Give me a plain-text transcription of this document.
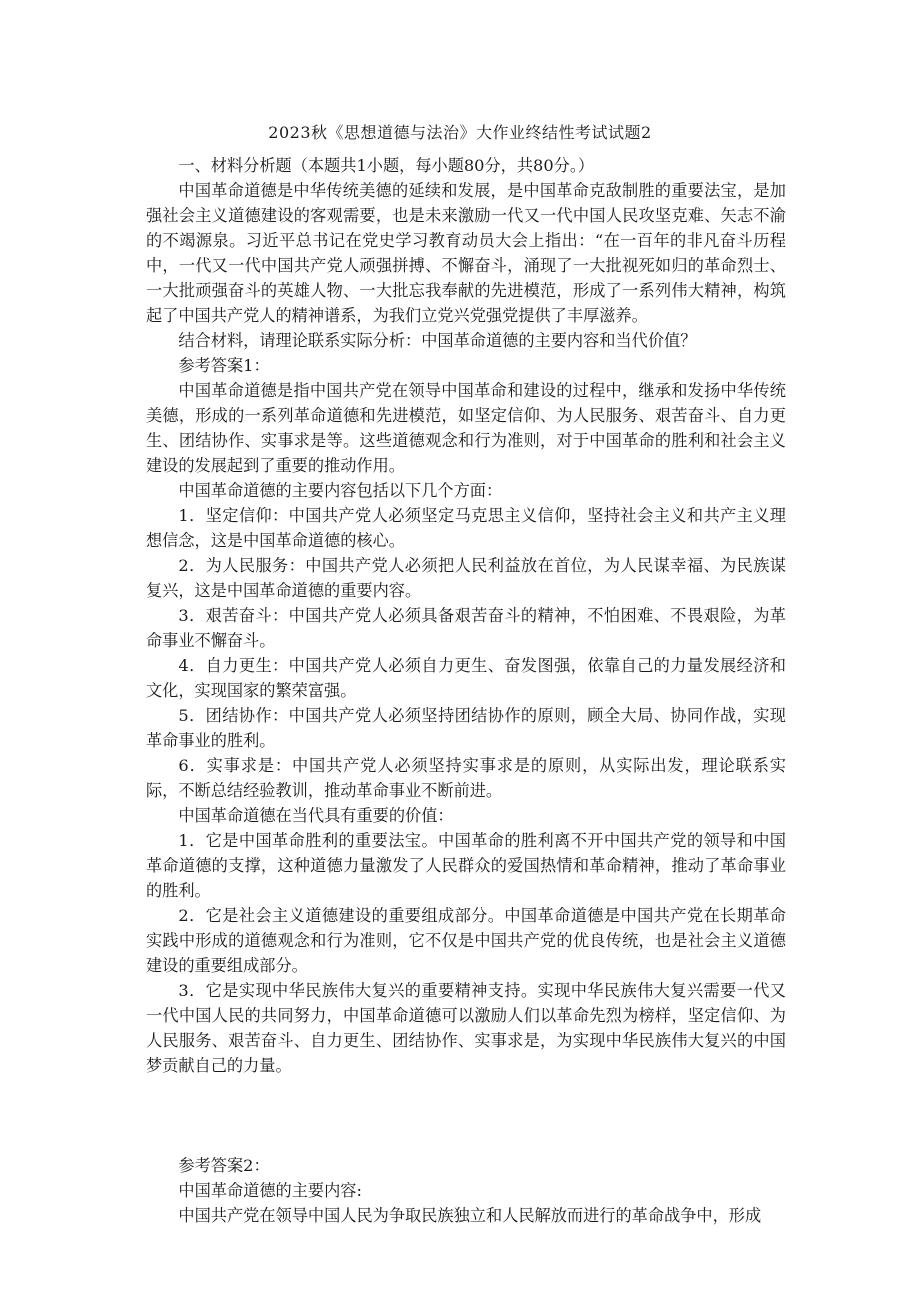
2023秋《思想道德与法治》大作业终结性考试试题2

一、材料分析题（本题共1小题，每小题80分，共80分。）

中国革命道德是中华传统美德的延续和发展，是中国革命克敌制胜的重要法宝，是加强社会主义道德建设的客观需要，也是未来激励一代又一代中国人民攻坚克难、矢志不渝的不竭源泉。习近平总书记在党史学习教育动员大会上指出：“在一百年的非凡奋斗历程中，一代又一代中国共产党人顽强拼搏、不懈奋斗，涌现了一大批视死如归的革命烈士、一大批顽强奋斗的英雄人物、一大批忘我奉献的先进模范，形成了一系列伟大精神，构筑起了中国共产党人的精神谱系，为我们立党兴党强党提供了丰厚滋养。

结合材料，请理论联系实际分析：中国革命道德的主要内容和当代价值？

参考答案1：

中国革命道德是指中国共产党在领导中国革命和建设的过程中，继承和发扬中华传统美德，形成的一系列革命道德和先进模范，如坚定信仰、为人民服务、艰苦奋斗、自力更生、团结协作、实事求是等。这些道德观念和行为准则，对于中国革命的胜利和社会主义建设的发展起到了重要的推动作用。

中国革命道德的主要内容包括以下几个方面：

1．坚定信仰：中国共产党人必须坚定马克思主义信仰，坚持社会主义和共产主义理想信念，这是中国革命道德的核心。

2．为人民服务：中国共产党人必须把人民利益放在首位，为人民谋幸福、为民族谋复兴，这是中国革命道德的重要内容。

3．艰苦奋斗：中国共产党人必须具备艰苦奋斗的精神，不怕困难、不畏艰险，为革命事业不懈奋斗。

4．自力更生：中国共产党人必须自力更生、奋发图强，依靠自己的力量发展经济和文化，实现国家的繁荣富强。

5．团结协作：中国共产党人必须坚持团结协作的原则，顾全大局、协同作战，实现革命事业的胜利。

6．实事求是：中国共产党人必须坚持实事求是的原则，从实际出发，理论联系实际，不断总结经验教训，推动革命事业不断前进。

中国革命道德在当代具有重要的价值：

1．它是中国革命胜利的重要法宝。中国革命的胜利离不开中国共产党的领导和中国革命道德的支撑，这种道德力量激发了人民群众的爱国热情和革命精神，推动了革命事业的胜利。

2．它是社会主义道德建设的重要组成部分。中国革命道德是中国共产党在长期革命实践中形成的道德观念和行为准则，它不仅是中国共产党的优良传统，也是社会主义道德建设的重要组成部分。

3．它是实现中华民族伟大复兴的重要精神支持。实现中华民族伟大复兴需要一代又一代中国人民的共同努力，中国革命道德可以激励人们以革命先烈为榜样，坚定信仰、为人民服务、艰苦奋斗、自力更生、团结协作、实事求是，为实现中华民族伟大复兴的中国梦贡献自己的力量。

参考答案2：

中国革命道德的主要内容:

中国共产党在领导中国人民为争取民族独立和人民解放而进行的革命战争中，形成
